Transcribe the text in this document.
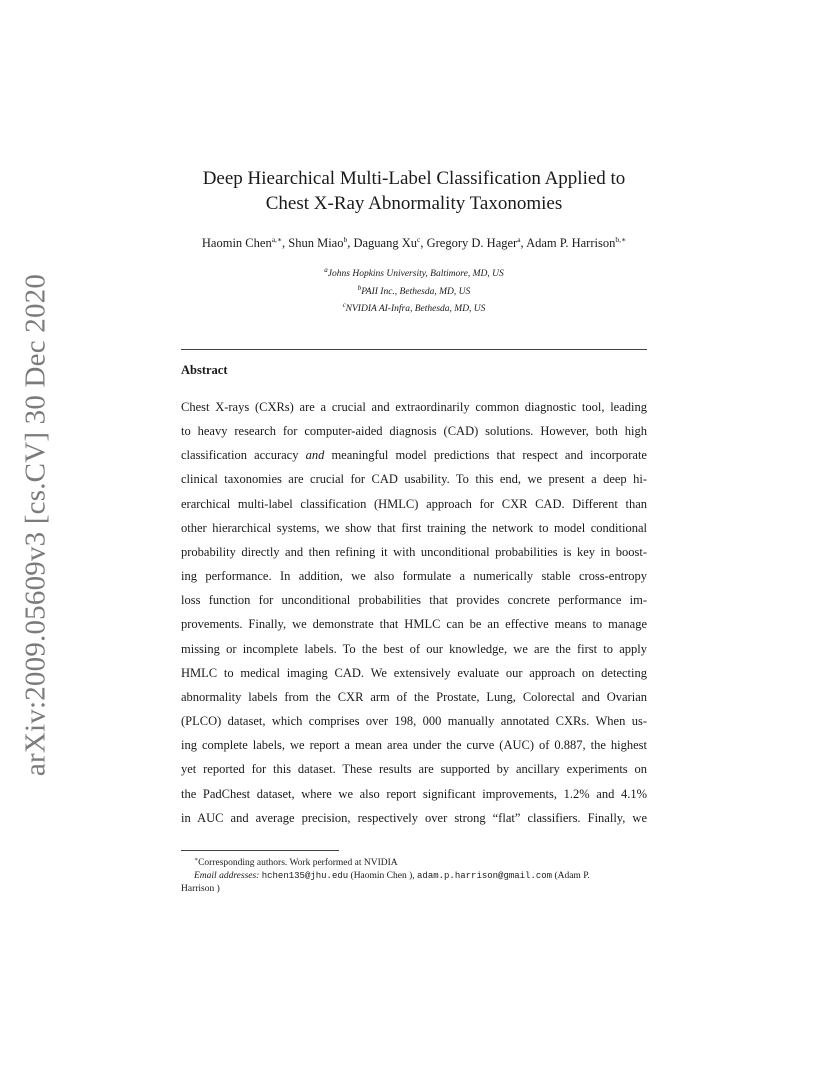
arXiv:2009.05609v3 [cs.CV] 30 Dec 2020
Deep Hiearchical Multi-Label Classification Applied to
Chest X-Ray Abnormality Taxonomies
Haomin Chen$^{a,∗}$, Shun Miao$^b$, Daguang Xu$^c$, Gregory D. Hager$^a$, Adam P. Harrison$^{b,∗}$
$^a$Johns Hopkins University, Baltimore, MD, US
$^b$PAII Inc., Bethesda, MD, US
$^c$NVIDIA AI-Infra, Bethesda, MD, US
Abstract
Chest X-rays (CXRs) are a crucial and extraordinarily common diagnostic tool, leading
to heavy research for computer-aided diagnosis (CAD) solutions. However, both high
classification accuracy and meaningful model predictions that respect and incorporate
clinical taxonomies are crucial for CAD usability. To this end, we present a deep hi-
erarchical multi-label classification (HMLC) approach for CXR CAD. Different than
other hierarchical systems, we show that first training the network to model conditional
probability directly and then refining it with unconditional probabilities is key in boost-
ing performance. In addition, we also formulate a numerically stable cross-entropy
loss function for unconditional probabilities that provides concrete performance im-
provements. Finally, we demonstrate that HMLC can be an effective means to manage
missing or incomplete labels. To the best of our knowledge, we are the first to apply
HMLC to medical imaging CAD. We extensively evaluate our approach on detecting
abnormality labels from the CXR arm of the Prostate, Lung, Colorectal and Ovarian
(PLCO) dataset, which comprises over 198, 000 manually annotated CXRs. When us-
ing complete labels, we report a mean area under the curve (AUC) of 0.887, the highest
yet reported for this dataset. These results are supported by ancillary experiments on
the PadChest dataset, where we also report significant improvements, 1.2% and 4.1%
in AUC and average precision, respectively over strong “flat” classifiers. Finally, we
∗Corresponding authors. Work performed at NVIDIA
Email addresses: hchen135@jhu.edu (Haomin Chen ), adam.p.harrison@gmail.com (Adam P.
Harrison )
